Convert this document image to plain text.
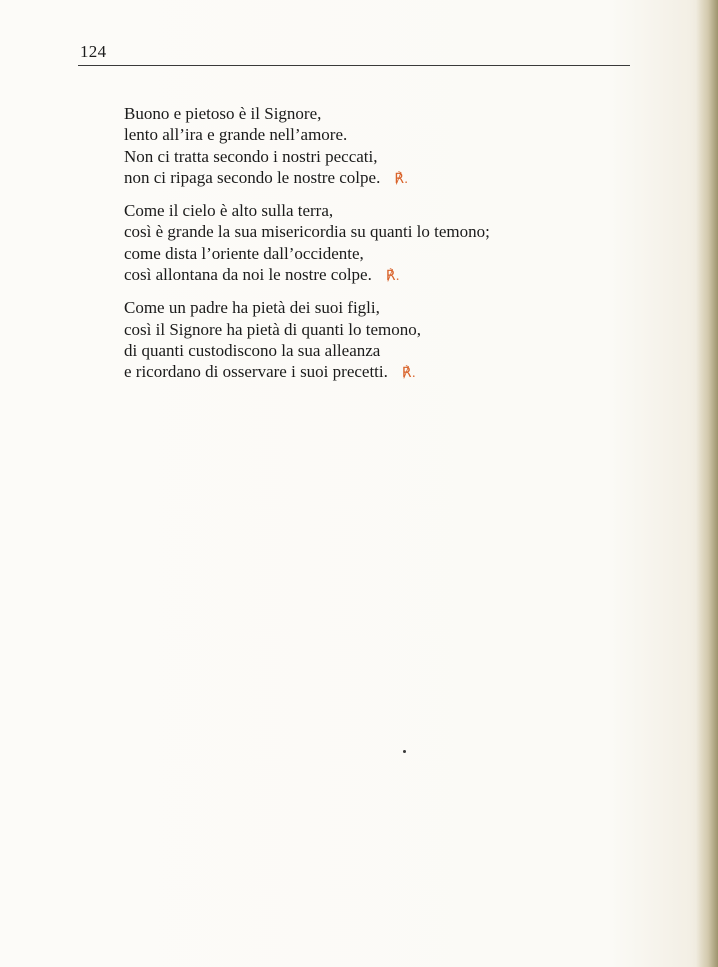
124
Buono e pietoso è il Signore,
lento all’ira e grande nell’amore.
Non ci tratta secondo i nostri peccati,
non ci ripaga secondo le nostre colpe. ℟.
Come il cielo è alto sulla terra,
così è grande la sua misericordia su quanti lo temono;
come dista l’oriente dall’occidente,
così allontana da noi le nostre colpe. ℟.
Come un padre ha pietà dei suoi figli,
così il Signore ha pietà di quanti lo temono,
di quanti custodiscono la sua alleanza
e ricordano di osservare i suoi precetti. ℟.
